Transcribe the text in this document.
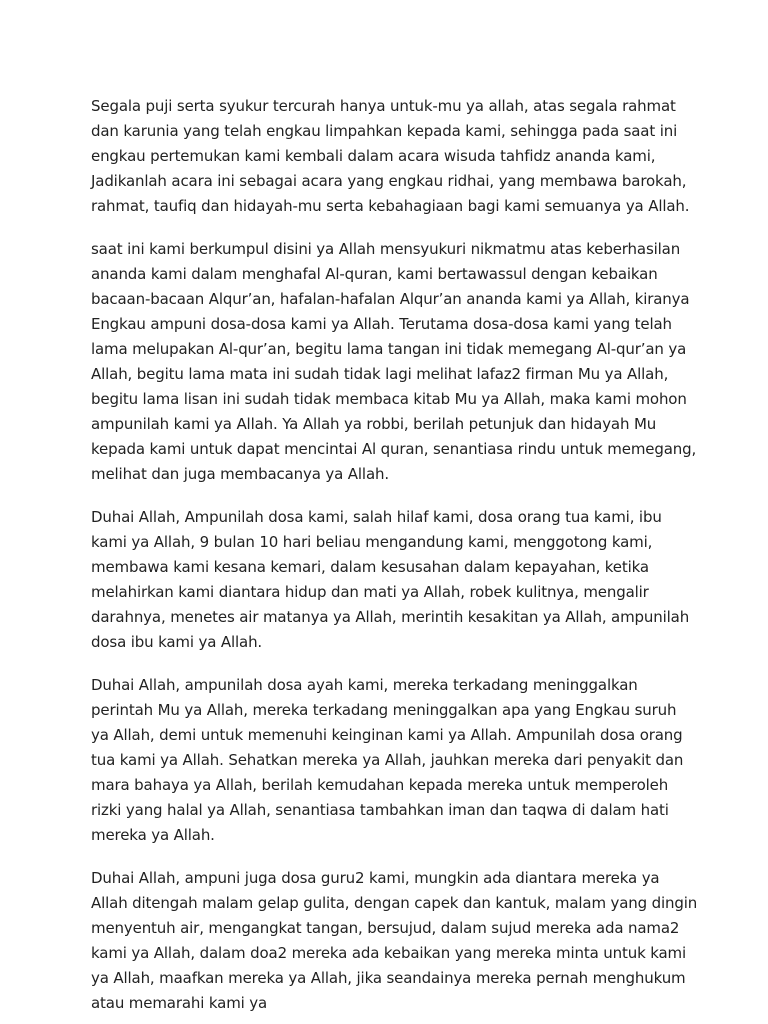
Segala puji serta syukur tercurah hanya untuk-mu ya allah, atas segala rahmat dan karunia yang telah engkau limpahkan kepada kami, sehingga pada saat ini engkau pertemukan kami kembali dalam acara wisuda tahfidz ananda kami, Jadikanlah acara ini sebagai acara yang engkau ridhai, yang membawa barokah, rahmat, taufiq dan hidayah-mu serta kebahagiaan bagi kami semuanya ya Allah.

saat ini kami berkumpul disini ya Allah mensyukuri nikmatmu atas keberhasilan ananda kami dalam menghafal Al-quran, kami bertawassul dengan kebaikan bacaan-bacaan Alqur’an, hafalan-hafalan Alqur’an ananda kami ya Allah, kiranya Engkau ampuni dosa-dosa kami ya Allah. Terutama dosa-dosa kami yang telah lama melupakan Al-qur’an, begitu lama tangan ini tidak memegang Al-qur’an ya Allah, begitu lama mata ini sudah tidak lagi melihat lafaz2 firman Mu ya Allah, begitu lama lisan ini sudah tidak membaca kitab Mu ya Allah, maka kami mohon ampunilah kami ya Allah. Ya Allah ya robbi, berilah petunjuk dan hidayah Mu kepada kami untuk dapat mencintai Al quran, senantiasa rindu untuk memegang, melihat dan juga membacanya ya Allah.

Duhai Allah, Ampunilah dosa kami, salah hilaf kami, dosa orang tua kami, ibu kami ya Allah, 9 bulan 10 hari beliau mengandung kami, menggotong kami, membawa kami kesana kemari, dalam kesusahan dalam kepayahan, ketika melahirkan kami diantara hidup dan mati ya Allah, robek kulitnya, mengalir darahnya, menetes air matanya ya Allah, merintih kesakitan ya Allah, ampunilah dosa ibu kami ya Allah.

Duhai Allah, ampunilah dosa ayah kami, mereka terkadang meninggalkan perintah Mu ya Allah, mereka terkadang meninggalkan apa yang Engkau suruh ya Allah, demi untuk memenuhi keinginan kami ya Allah. Ampunilah dosa orang tua kami ya Allah. Sehatkan mereka ya Allah, jauhkan mereka dari penyakit dan mara bahaya ya Allah, berilah kemudahan kepada mereka untuk memperoleh rizki yang halal ya Allah, senantiasa tambahkan iman dan taqwa di dalam hati mereka ya Allah.

Duhai Allah, ampuni juga dosa guru2 kami, mungkin ada diantara mereka ya Allah ditengah malam gelap gulita, dengan capek dan kantuk, malam yang dingin menyentuh air, mengangkat tangan, bersujud, dalam sujud mereka ada nama2 kami ya Allah, dalam doa2 mereka ada kebaikan yang mereka minta untuk kami ya Allah, maafkan mereka ya Allah, jika seandainya mereka pernah menghukum atau memarahi kami ya
